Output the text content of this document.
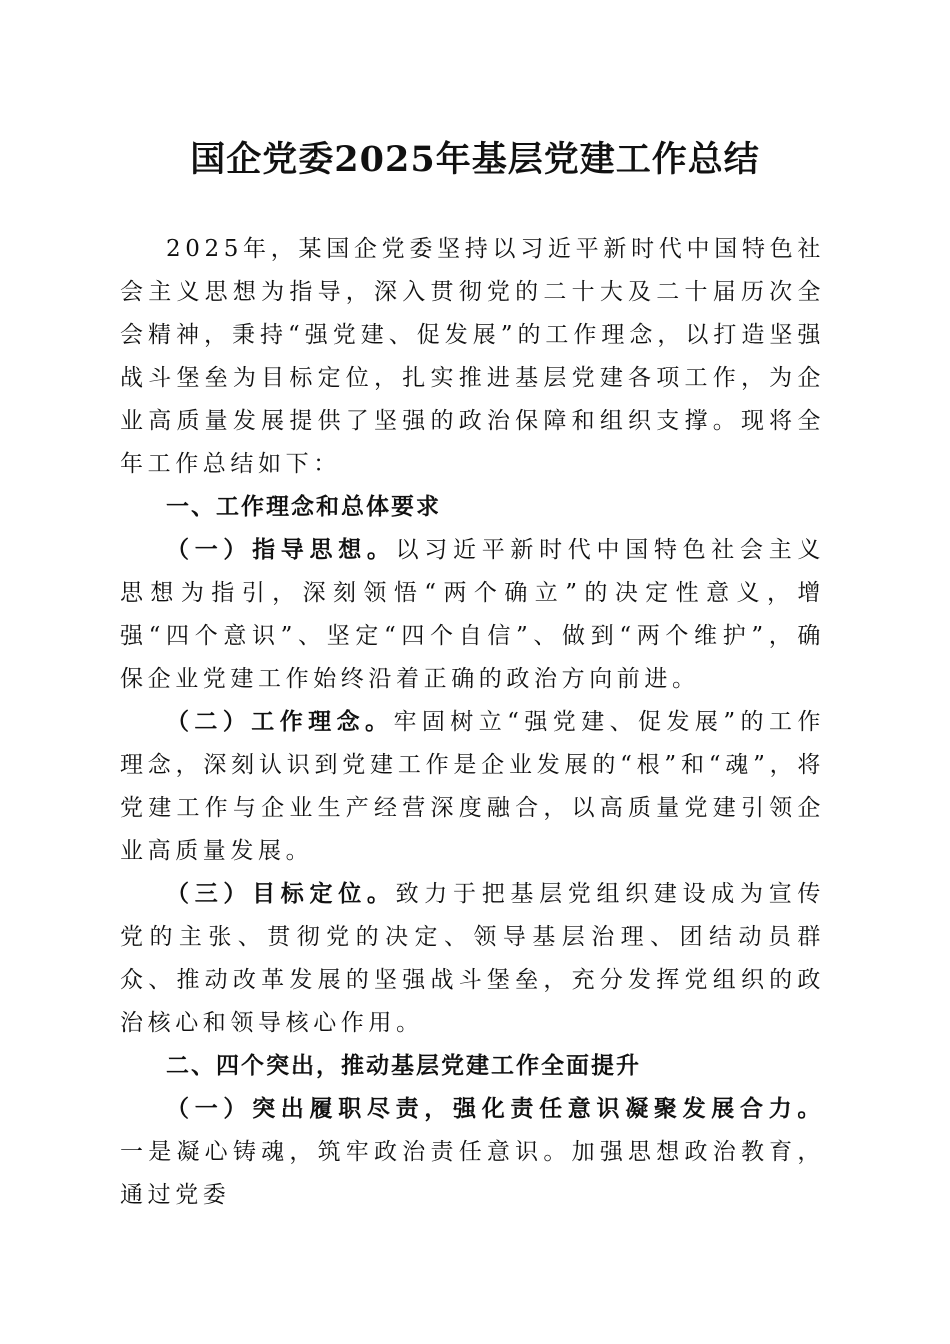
国企党委2025年基层党建工作总结

2025年，某国企党委坚持以习近平新时代中国特色社会主义思想为指导，深入贯彻党的二十大及二十届历次全会精神，秉持“强党建、促发展”的工作理念，以打造坚强战斗堡垒为目标定位，扎实推进基层党建各项工作，为企业高质量发展提供了坚强的政治保障和组织支撑。现将全年工作总结如下：

一、工作理念和总体要求

（一）指导思想。以习近平新时代中国特色社会主义思想为指引，深刻领悟“两个确立”的决定性意义，增强“四个意识”、坚定“四个自信”、做到“两个维护”，确保企业党建工作始终沿着正确的政治方向前进。

（二）工作理念。牢固树立“强党建、促发展”的工作理念，深刻认识到党建工作是企业发展的“根”和“魂”，将党建工作与企业生产经营深度融合，以高质量党建引领企业高质量发展。

（三）目标定位。致力于把基层党组织建设成为宣传党的主张、贯彻党的决定、领导基层治理、团结动员群众、推动改革发展的坚强战斗堡垒，充分发挥党组织的政治核心和领导核心作用。

二、四个突出，推动基层党建工作全面提升

（一）突出履职尽责，强化责任意识凝聚发展合力。一是凝心铸魂，筑牢政治责任意识。加强思想政治教育，通过党委
